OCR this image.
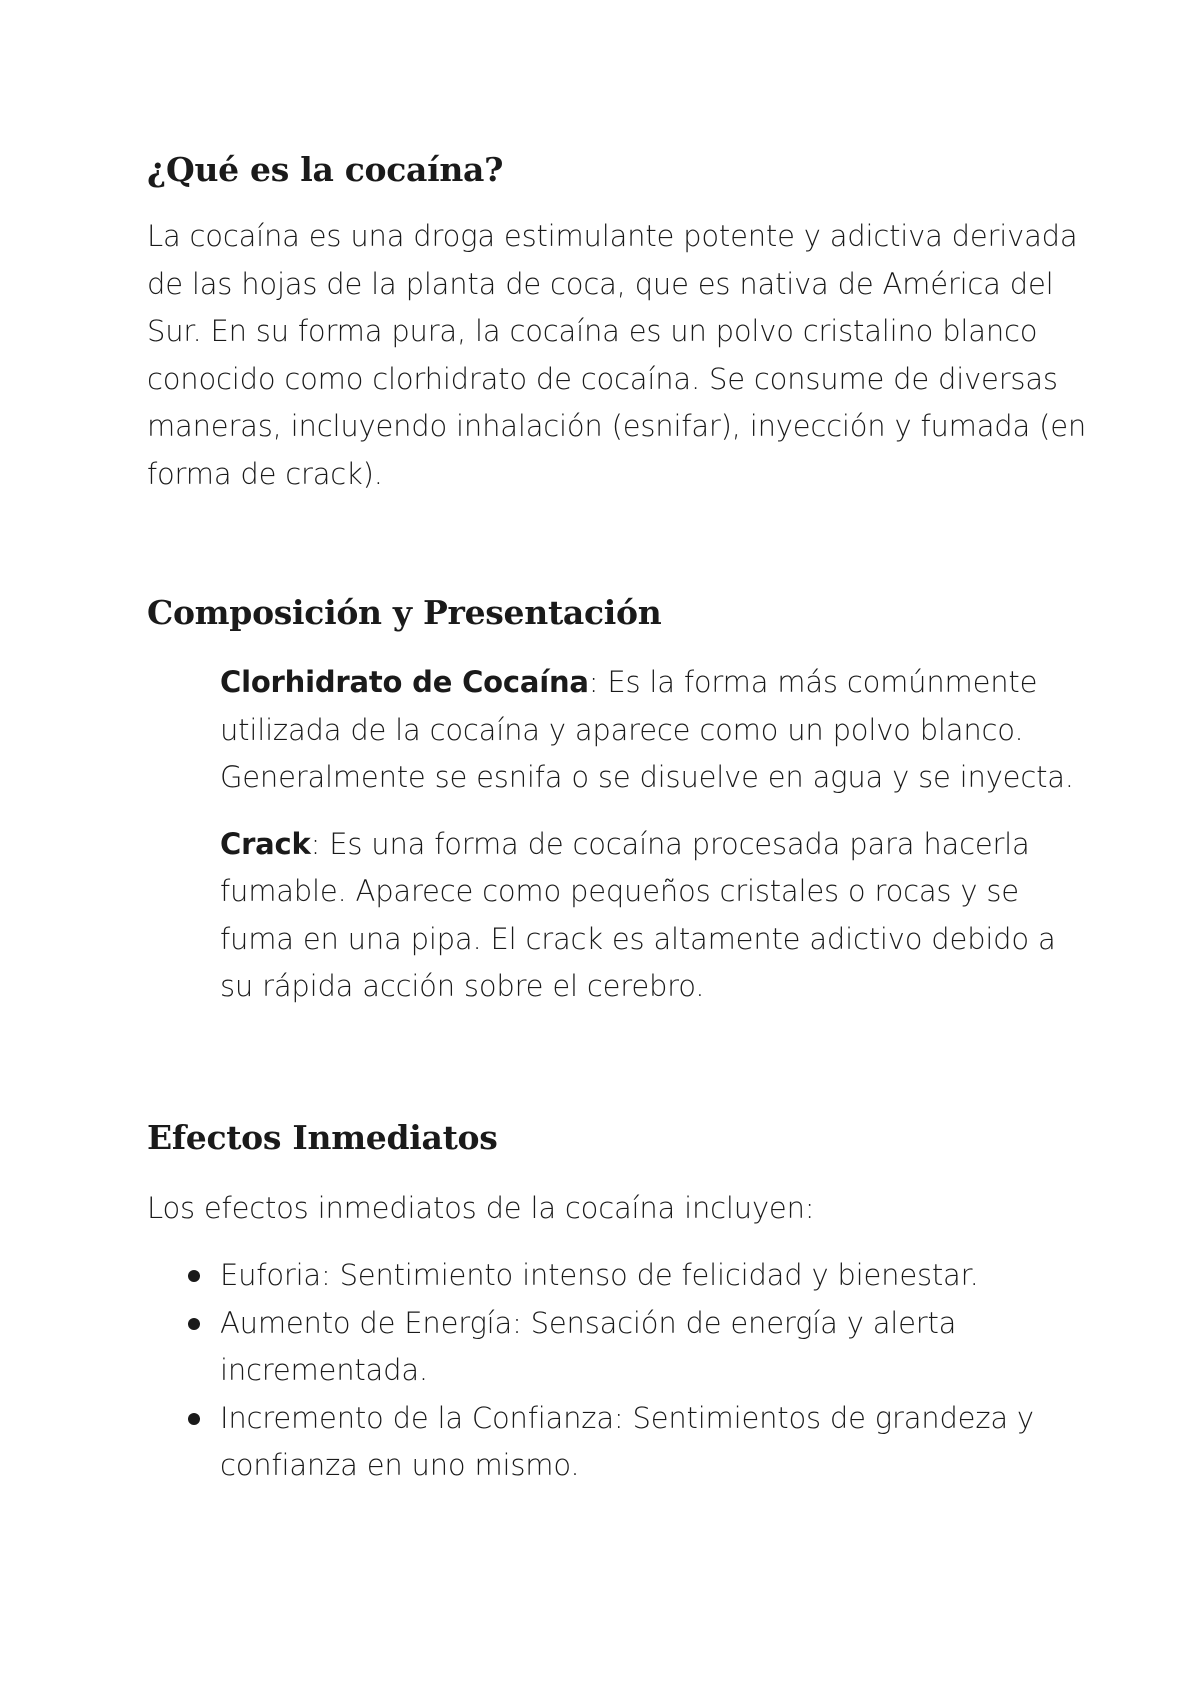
¿Qué es la cocaína?

La cocaína es una droga estimulante potente y adictiva derivada de las hojas de la planta de coca, que es nativa de América del Sur. En su forma pura, la cocaína es un polvo cristalino blanco conocido como clorhidrato de cocaína. Se consume de diversas maneras, incluyendo inhalación (esnifar), inyección y fumada (en forma de crack).

Composición y Presentación

Clorhidrato de Cocaína: Es la forma más comúnmente utilizada de la cocaína y aparece como un polvo blanco. Generalmente se esnifa o se disuelve en agua y se inyecta.

Crack: Es una forma de cocaína procesada para hacerla fumable. Aparece como pequeños cristales o rocas y se fuma en una pipa. El crack es altamente adictivo debido a su rápida acción sobre el cerebro.

Efectos Inmediatos

Los efectos inmediatos de la cocaína incluyen:

Euforia: Sentimiento intenso de felicidad y bienestar.
Aumento de Energía: Sensación de energía y alerta incrementada.
Incremento de la Confianza: Sentimientos de grandeza y confianza en uno mismo.
